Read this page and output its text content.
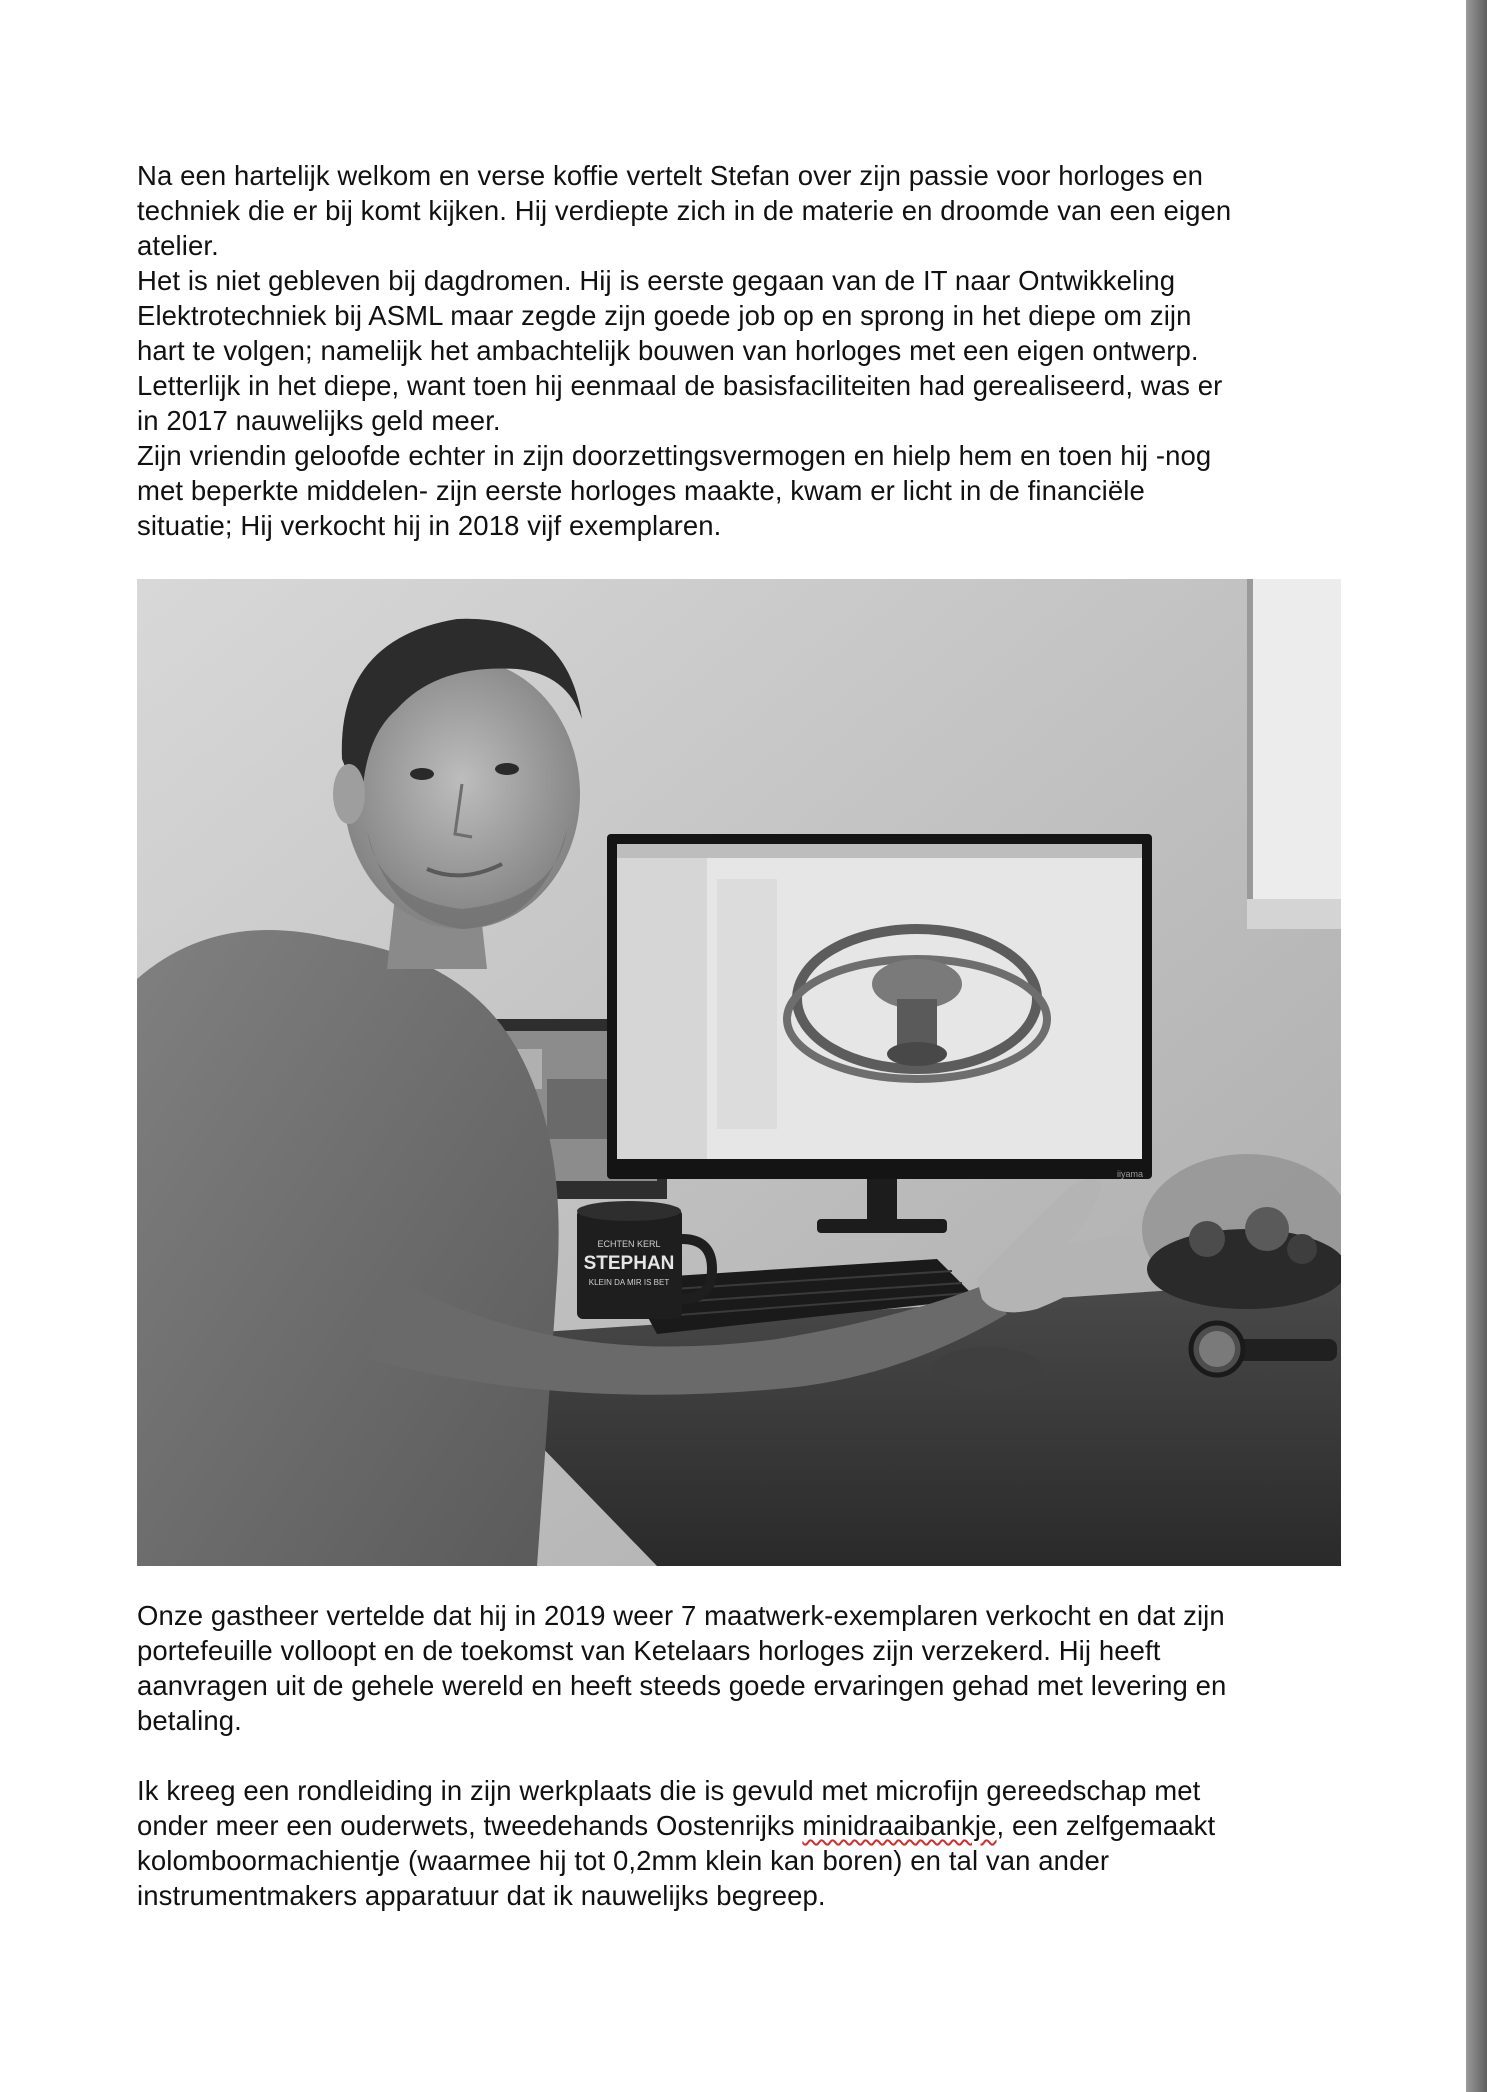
Na een hartelijk welkom en verse koffie vertelt Stefan over zijn passie voor horloges en

techniek die er bij komt kijken. Hij verdiepte zich in de materie en droomde van een eigen

atelier.

Het is niet gebleven bij dagdromen. Hij is eerste gegaan van de IT naar Ontwikkeling

Elektrotechniek bij ASML maar zegde zijn goede job op en sprong in het diepe om zijn

hart te volgen; namelijk het ambachtelijk bouwen van horloges met een eigen ontwerp.

Letterlijk in het diepe, want toen hij eenmaal de basisfaciliteiten had gerealiseerd, was er

in 2017 nauwelijks geld meer.

Zijn vriendin geloofde echter in zijn doorzettingsvermogen en hielp hem en toen hij -nog

met beperkte middelen- zijn eerste horloges maakte, kwam er licht in de financiële

situatie; Hij verkocht hij in 2018 vijf exemplaren.

iiyama
ECHTEN KERL
STEPHAN
KLEIN DA MIR IS BET

Onze gastheer vertelde dat hij in 2019 weer 7 maatwerk-exemplaren verkocht en dat zijn

portefeuille volloopt en de toekomst van Ketelaars horloges zijn verzekerd. Hij heeft

aanvragen uit de gehele wereld en heeft steeds goede ervaringen gehad met levering en

betaling.

Ik kreeg een rondleiding in zijn werkplaats die is gevuld met microfijn gereedschap met

onder meer een ouderwets, tweedehands Oostenrijks minidraaibankje, een zelfgemaakt

kolomboormachientje (waarmee hij tot 0,2mm klein kan boren) en tal van ander

instrumentmakers apparatuur dat ik nauwelijks begreep.
